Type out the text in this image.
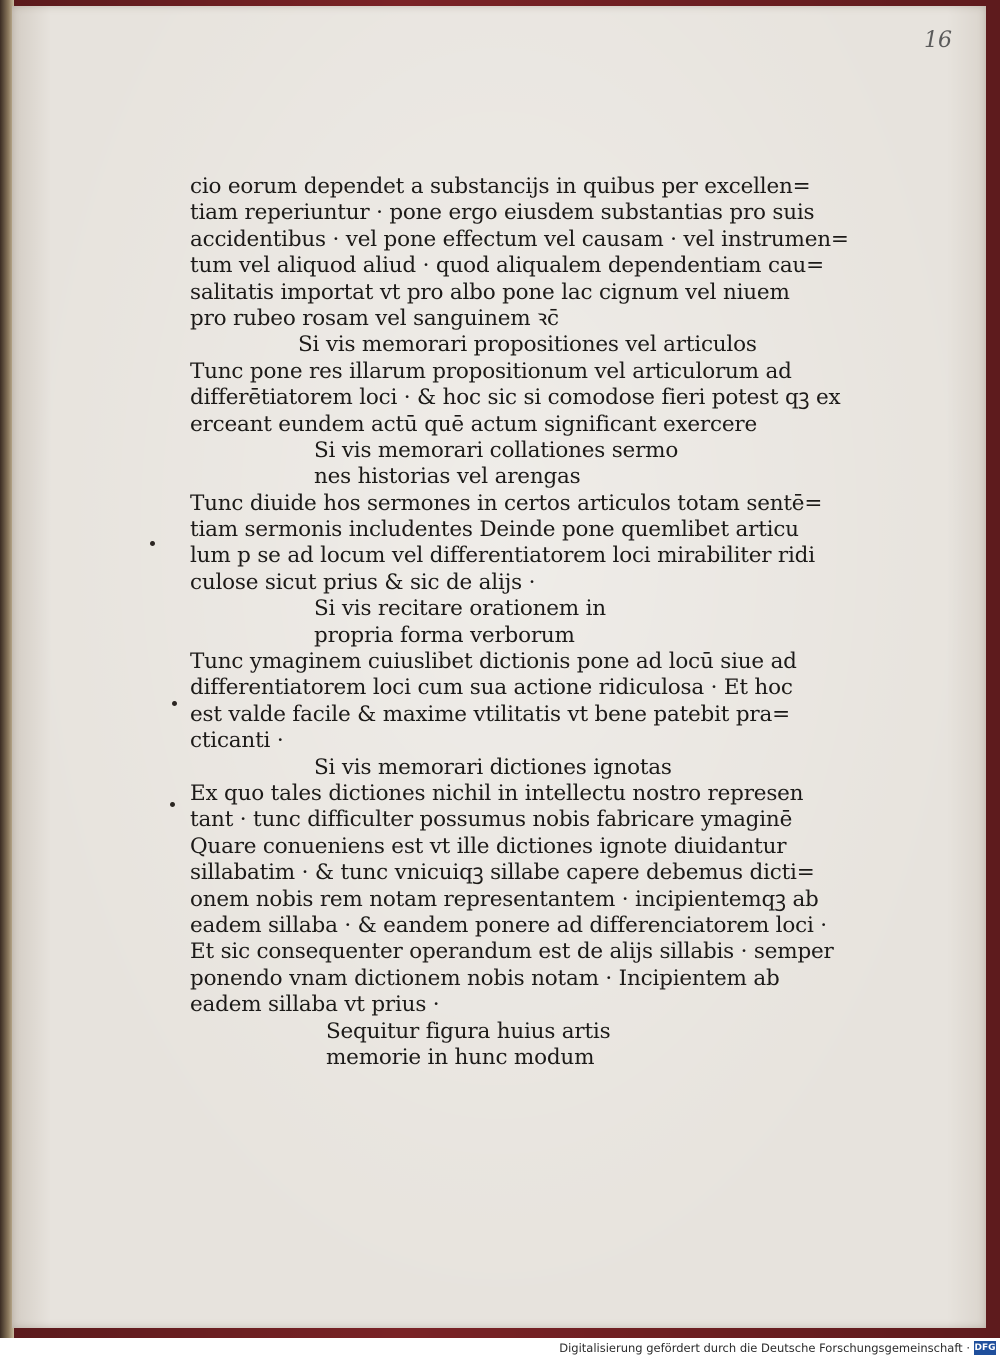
16
cio eorum dependet a substancijs in quibus per excellen=
tiam reperiuntur · pone ergo eiusdem substantias pro suis
accidentibus · vel pone effectum vel causam · vel instrumen=
tum vel aliquod aliud · quod aliqualem dependentiam cau=
salitatis importat vt pro albo pone lac cignum vel niuem
pro rubeo rosam vel sanguinem ꝛc̄
Si vis memorari propositiones vel articulos
Tunc pone res illarum propositionum vel articulorum ad
differētiatorem loci · & hoc sic si comodose fieri potest qꝫ ex
erceant eundem actū quē actum significant exercere
Si vis memorari collationes sermo
nes historias vel arengas
Tunc diuide hos sermones in certos articulos totam sentē=
tiam sermonis includentes Deinde pone quemlibet articu
lum p se ad locum vel differentiatorem loci mirabiliter ridi
culose sicut prius & sic de alijs ·
Si vis recitare orationem in
propria forma verborum
Tunc ymaginem cuiuslibet dictionis pone ad locū siue ad
differentiatorem loci cum sua actione ridiculosa · Et hoc
est valde facile & maxime vtilitatis vt bene patebit pra=
cticanti ·
Si vis memorari dictiones ignotas
Ex quo tales dictiones nichil in intellectu nostro represen
tant · tunc difficulter possumus nobis fabricare ymaginē
Quare conueniens est vt ille dictiones ignote diuidantur
sillabatim · & tunc vnicuiqꝫ sillabe capere debemus dicti=
onem nobis rem notam representantem · incipientemqꝫ ab
eadem sillaba · & eandem ponere ad differenciatorem loci ·
Et sic consequenter operandum est de alijs sillabis · semper
ponendo vnam dictionem nobis notam · Incipientem ab
eadem sillaba vt prius ·
Sequitur figura huius artis
memorie in hunc modum
Digitalisierung gefördert durch die Deutsche Forschungsgemeinschaft · DFG
